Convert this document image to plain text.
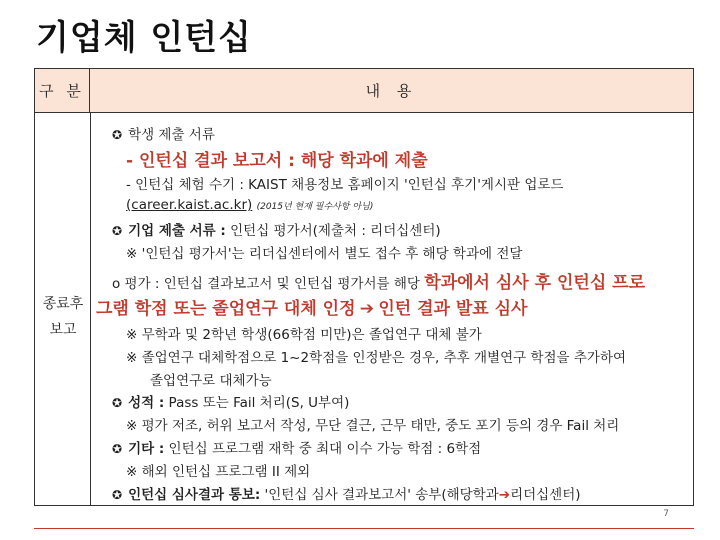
기업체 인턴십
구 분	내 용
종료후
보고
✪ 학생 제출 서류
- 인턴십 결과 보고서 : 해당 학과에 제출
- 인턴십 체험 수기 : KAIST 채용정보 홈페이지 '인턴십 후기'게시판 업로드
(career.kaist.ac.kr) (2015년 현재 필수사항 아님)
✪ 기업 제출 서류 : 인턴십 평가서(제출처 : 리더십센터)
※ '인턴십 평가서'는 리더십센터에서 별도 접수 후 해당 학과에 전달
o 평가 : 인턴십 결과보고서 및 인턴십 평가서를 해당 학과에서 심사 후 인턴십 프로
그램 학점 또는 졸업연구 대체 인정 ➔ 인턴 결과 발표 심사
※ 무학과 및 2학년 학생(66학점 미만)은 졸업연구 대체 불가
※ 졸업연구 대체학점으로 1~2학점을 인정받은 경우, 추후 개별연구 학점을 추가하여
졸업연구로 대체가능
✪ 성적 : Pass 또는 Fail 처리(S, U부여)
※ 평가 저조, 허위 보고서 작성, 무단 결근, 근무 태만, 중도 포기 등의 경우 Fail 처리
✪ 기타 : 인턴십 프로그램 재학 중 최대 이수 가능 학점 : 6학점
※ 해외 인턴십 프로그램 II 제외
✪ 인턴십 심사결과 통보: '인턴십 심사 결과보고서' 송부(해당학과➔리더십센터)
7
